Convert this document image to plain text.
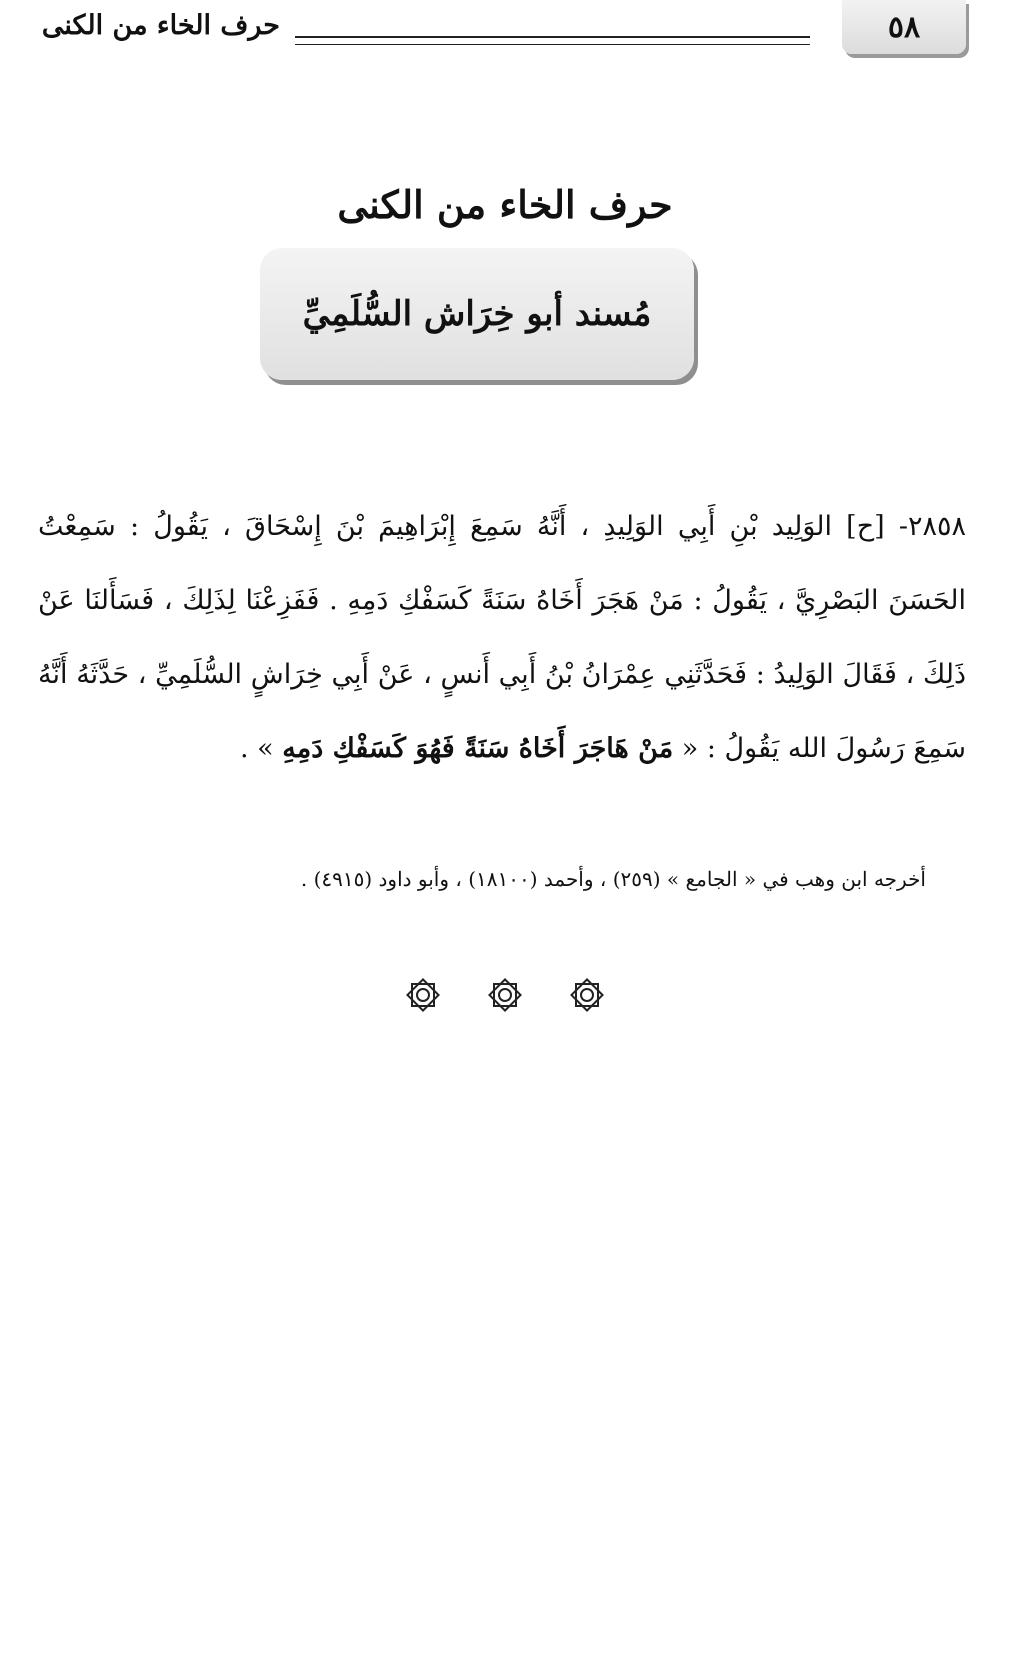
٥٨
حرف الخاء من الكنى
حرف الخاء من الكنى
مُسند أبو خِرَاش السُّلَمِيِّ
٢٨٥٨- [ح] الوَلِيد بْنِ أَبِي الوَلِيدِ ، أَنَّهُ سَمِعَ إِبْرَاهِيمَ بْنَ إِسْحَاقَ ، يَقُولُ : سَمِعْتُ الحَسَنَ البَصْرِيَّ ، يَقُولُ : مَنْ هَجَرَ أَخَاهُ سَنَةً كَسَفْكِ دَمِهِ . فَفَزِعْنَا لِذَلِكَ ، فَسَأَلنَا عَنْ ذَلِكَ ، فَقَالَ الوَلِيدُ : فَحَدَّثَنِي عِمْرَانُ بْنُ أَبِي أَنسٍ ، عَنْ أَبِي خِرَاشٍ السُّلَمِيِّ ، حَدَّثَهُ أَنَّهُ سَمِعَ رَسُولَ الله يَقُولُ : « مَنْ هَاجَرَ أَخَاهُ سَنَةً فَهُوَ كَسَفْكِ دَمِهِ » .
أخرجه ابن وهب في « الجامع » (٢٥٩) ، وأحمد (١٨١٠٠) ، وأبو داود (٤٩١٥) .
